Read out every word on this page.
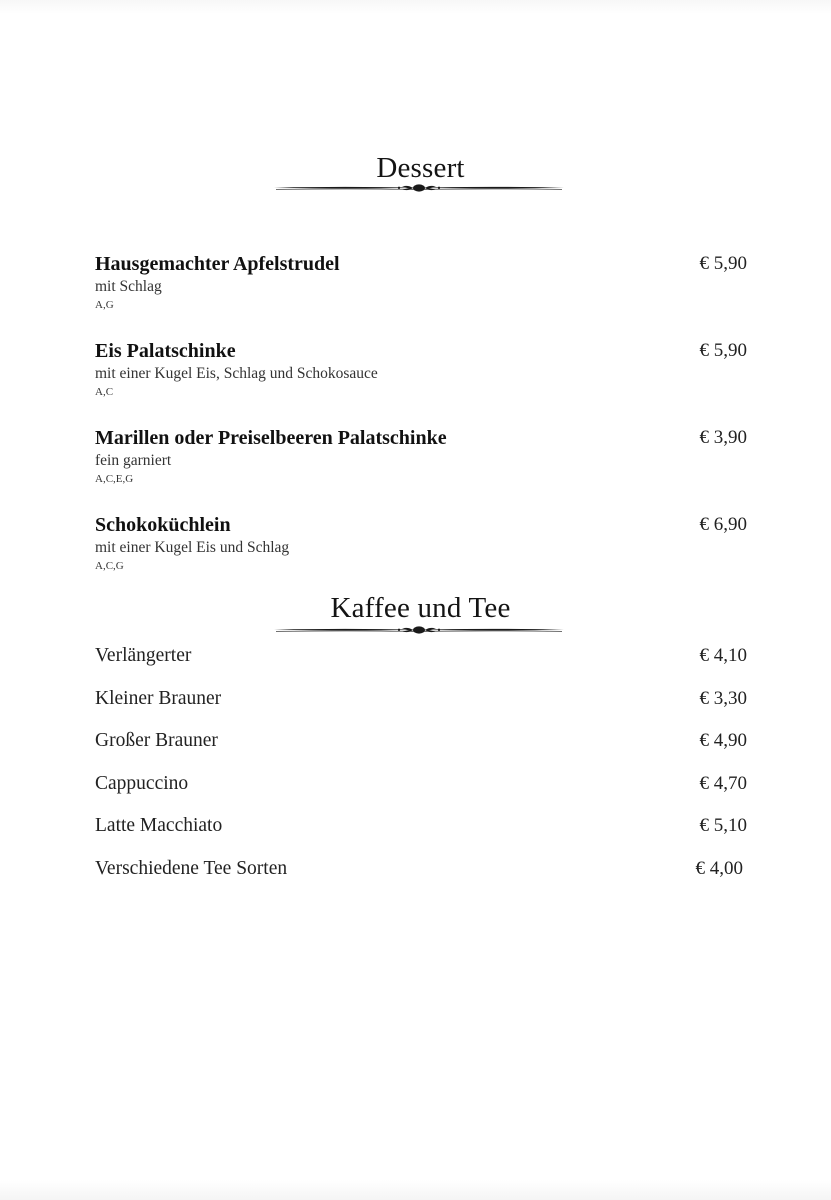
Dessert
Hausgemachter Apfelstrudel	€ 5,90
mit Schlag
A,G
Eis Palatschinke	€ 5,90
mit einer Kugel Eis, Schlag und Schokosauce
A,C
Marillen oder Preiselbeeren Palatschinke	€ 3,90
fein garniert
A,C,E,G
Schokoküchlein	€ 6,90
mit einer Kugel Eis und Schlag
A,C,G
Kaffee und Tee
Verlängerter	€ 4,10
Kleiner Brauner	€ 3,30
Großer Brauner	€ 4,90
Cappuccino	€ 4,70
Latte Macchiato	€ 5,10
Verschiedene Tee Sorten	€ 4,00
